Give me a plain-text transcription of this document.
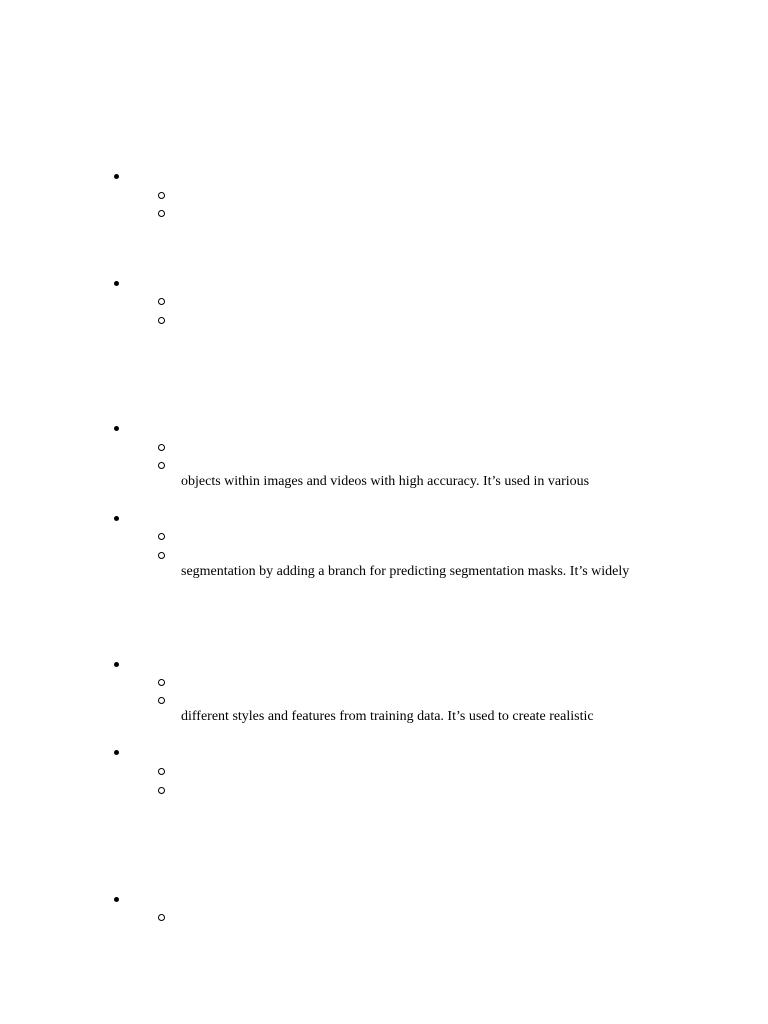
objects within images and videos with high accuracy. It’s used in various
segmentation by adding a branch for predicting segmentation masks. It’s widely
different styles and features from training data. It’s used to create realistic
